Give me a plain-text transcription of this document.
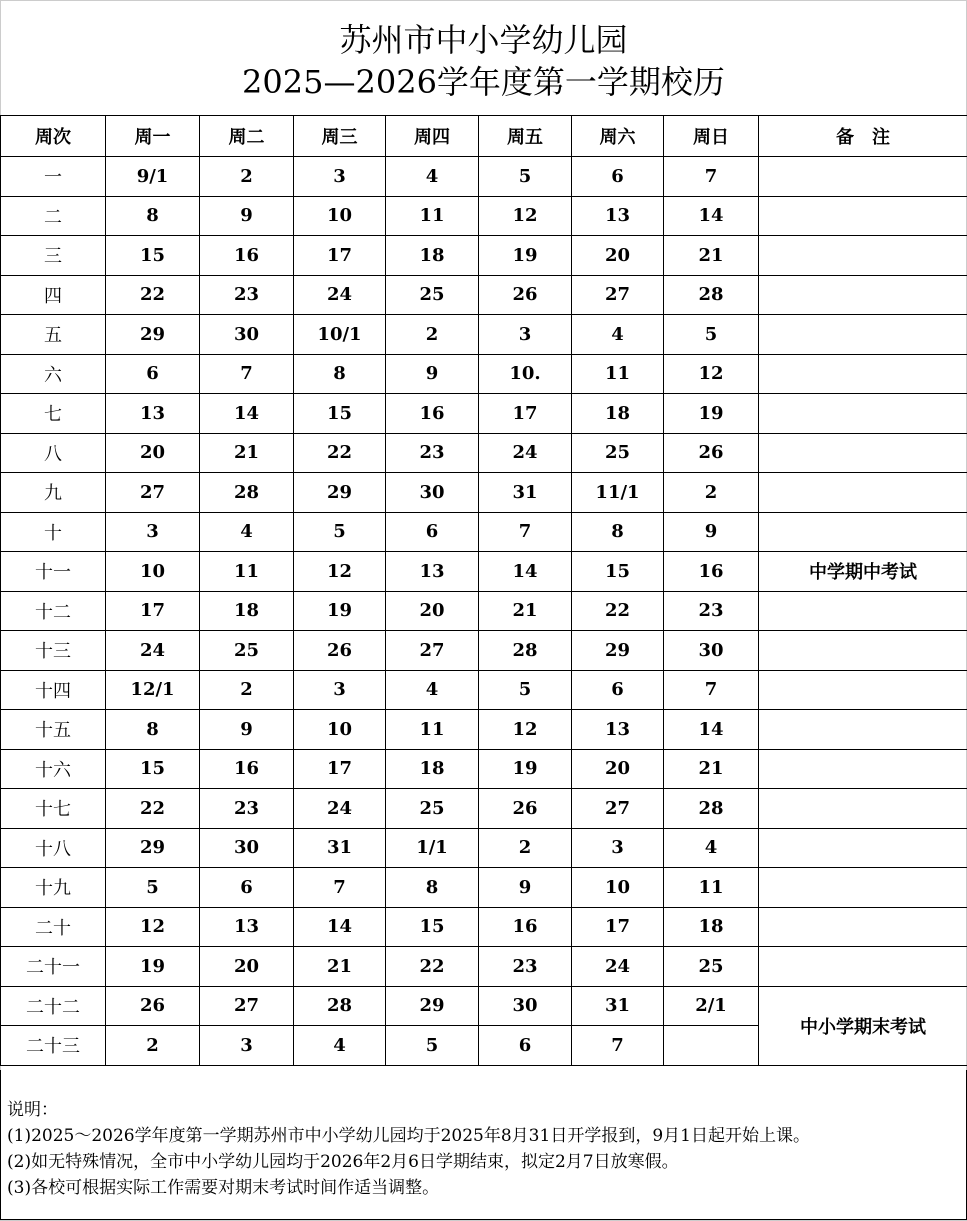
苏州市中小学幼儿园
2025—2026学年度第一学期校历
周次	周一	周二	周三	周四	周五	周六	周日	备　注
一	9/1	2	3	4	5	6	7	
二	8	9	10	11	12	13	14	
三	15	16	17	18	19	20	21	
四	22	23	24	25	26	27	28	
五	29	30	10/1	2	3	4	5	
六	6	7	8	9	10.	11	12	
七	13	14	15	16	17	18	19	
八	20	21	22	23	24	25	26	
九	27	28	29	30	31	11/1	2	
十	3	4	5	6	7	8	9	
十一	10	11	12	13	14	15	16	中学期中考试
十二	17	18	19	20	21	22	23	
十三	24	25	26	27	28	29	30	
十四	12/1	2	3	4	5	6	7	
十五	8	9	10	11	12	13	14	
十六	15	16	17	18	19	20	21	
十七	22	23	24	25	26	27	28	
十八	29	30	31	1/1	2	3	4	
十九	5	6	7	8	9	10	11	
二十	12	13	14	15	16	17	18	
二十一	19	20	21	22	23	24	25	
二十二	26	27	28	29	30	31	2/1	中小学期末考试
二十三	2	3	4	5	6	7		

说明：

(1)2025～2026学年度第一学期苏州市中小学幼儿园均于2025年8月31日开学报到，9月1日起开始上课。

(2)如无特殊情况，全市中小学幼儿园均于2026年2月6日学期结束，拟定2月7日放寒假。

(3)各校可根据实际工作需要对期末考试时间作适当调整。
